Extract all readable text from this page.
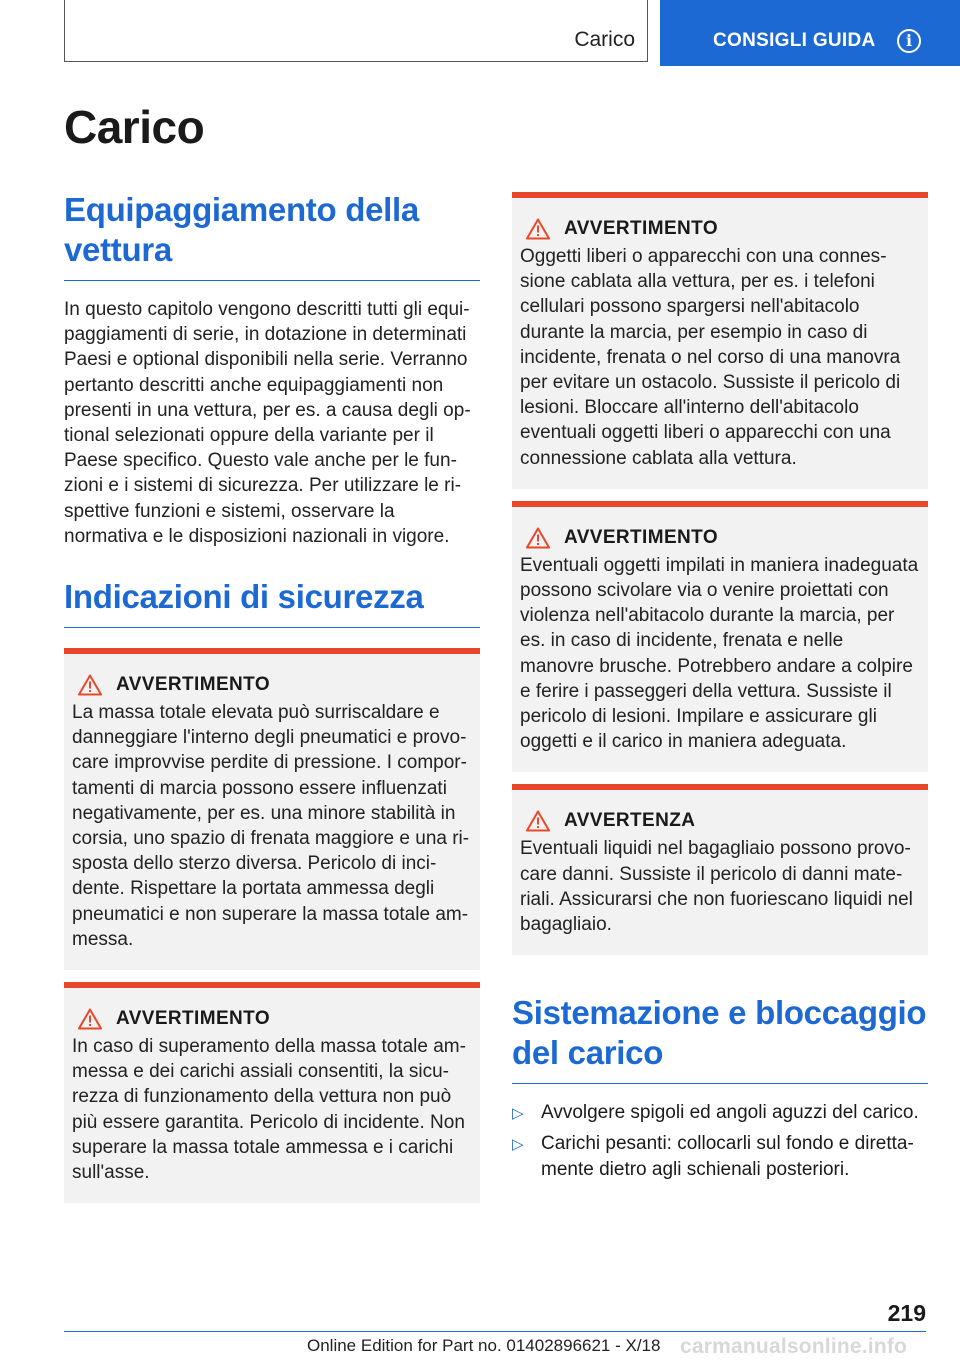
Carico	CONSIGLI GUIDA	i
Carico
Equipaggiamento della vettura

In questo capitolo vengono descritti tutti gli equipaggiamenti di serie, in dotazione in determinati Paesi e optional disponibili nella serie. Verranno pertanto descritti anche equipaggiamenti non presenti in una vettura, per es. a causa degli optional selezionati oppure della variante per il Paese specifico. Questo vale anche per le funzioni e i sistemi di sicurezza. Per utilizzare le rispettive funzioni e sistemi, osservare la normativa e le disposizioni nazionali in vigore.

Indicazioni di sicurezza
AVVERTIMENTO
La massa totale elevata può surriscaldare e danneggiare l'interno degli pneumatici e provocare improvvise perdite di pressione. I comportamenti di marcia possono essere influenzati negativamente, per es. una minore stabilità in corsia, uno spazio di frenata maggiore e una risposta dello sterzo diversa. Pericolo di incidente. Rispettare la portata ammessa degli pneumatici e non superare la massa totale ammessa.
AVVERTIMENTO
In caso di superamento della massa totale ammessa e dei carichi assiali consentiti, la sicurezza di funzionamento della vettura non può più essere garantita. Pericolo di incidente. Non superare la massa totale ammessa e i carichi sull'asse.
AVVERTIMENTO
Oggetti liberi o apparecchi con una connessione cablata alla vettura, per es. i telefoni cellulari possono spargersi nell'abitacolo durante la marcia, per esempio in caso di incidente, frenata o nel corso di una manovra per evitare un ostacolo. Sussiste il pericolo di lesioni. Bloccare all'interno dell'abitacolo eventuali oggetti liberi o apparecchi con una connessione cablata alla vettura.
AVVERTIMENTO
Eventuali oggetti impilati in maniera inadeguata possono scivolare via o venire proiettati con violenza nell'abitacolo durante la marcia, per es. in caso di incidente, frenata e nelle manovre brusche. Potrebbero andare a colpire e ferire i passeggeri della vettura. Sussiste il pericolo di lesioni. Impilare e assicurare gli oggetti e il carico in maniera adeguata.
AVVERTENZA
Eventuali liquidi nel bagagliaio possono provocare danni. Sussiste il pericolo di danni materiali. Assicurarsi che non fuoriescano liquidi nel bagagliaio.
Sistemazione e bloccaggio del carico
▷ Avvolgere spigoli ed angoli aguzzi del carico.
▷ Carichi pesanti: collocarli sul fondo e direttamente dietro agli schienali posteriori.
219
Online Edition for Part no. 01402896621 - X/18 carmanualsonline.info
